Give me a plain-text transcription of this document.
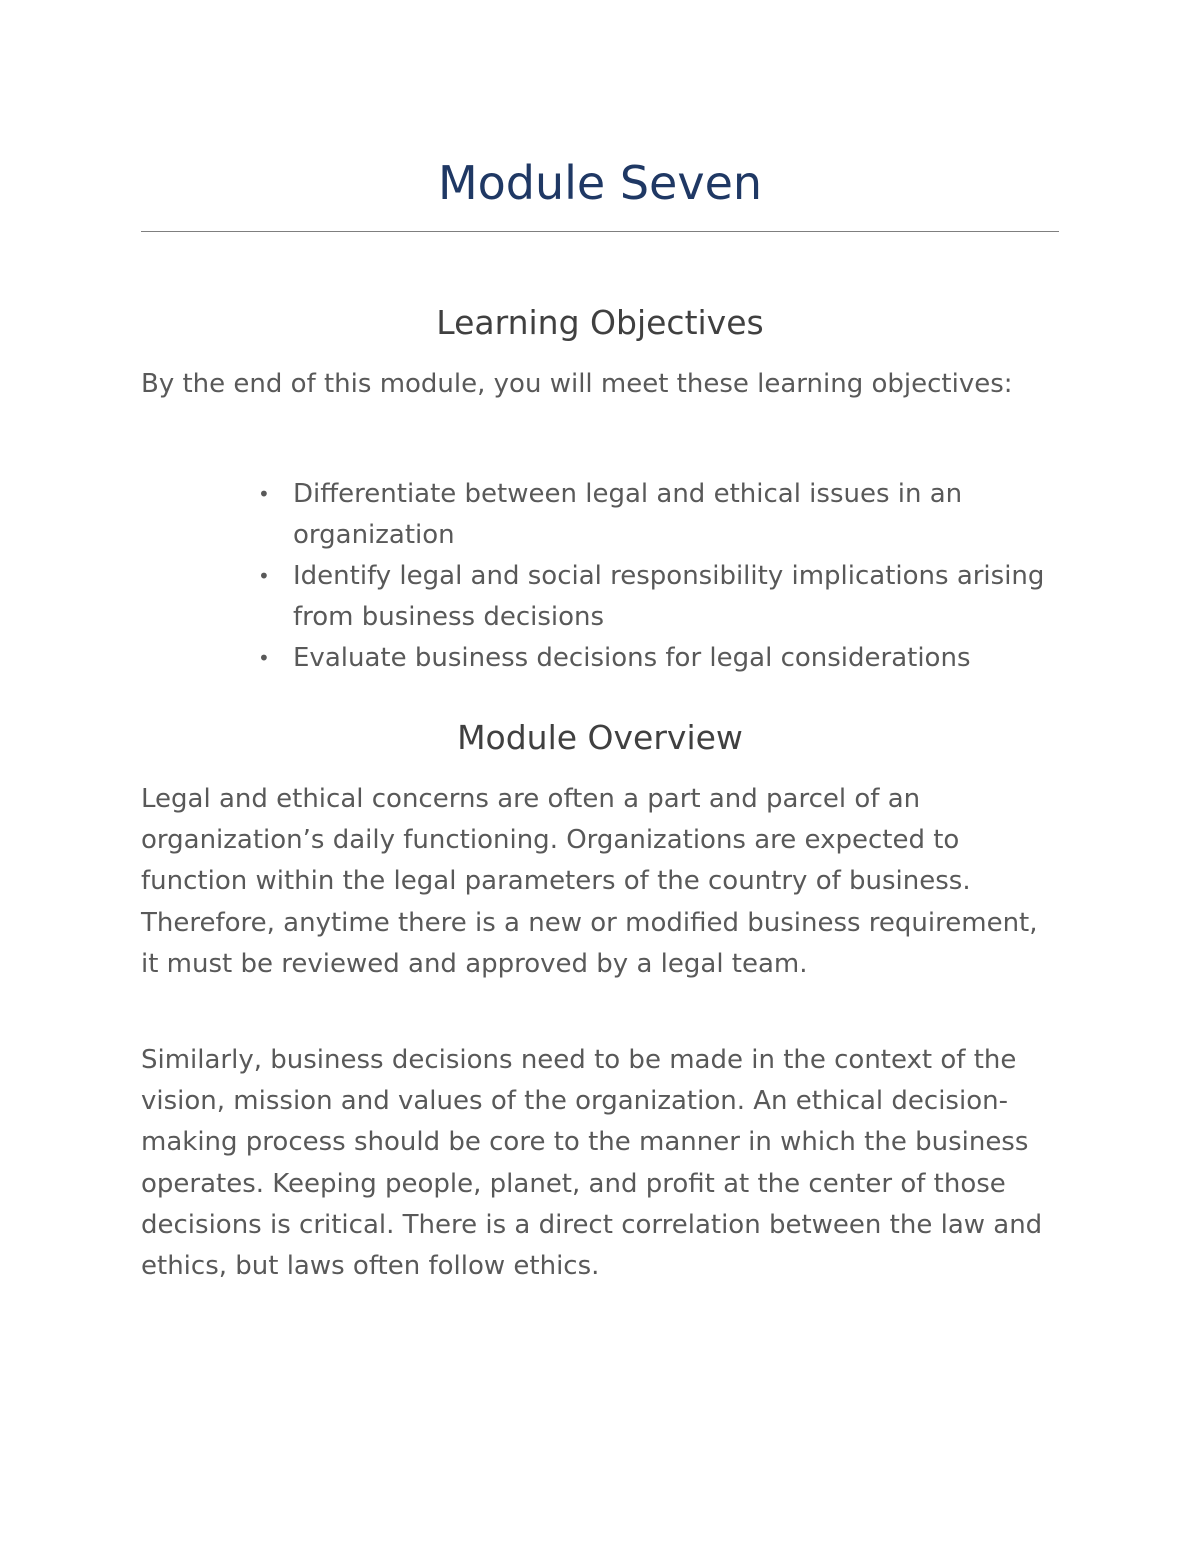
Module Seven
Learning Objectives

By the end of this module, you will meet these learning objectives:

• Differentiate between legal and ethical issues in an organization
• Identify legal and social responsibility implications arising from business decisions
• Evaluate business decisions for legal considerations
Module Overview

Legal and ethical concerns are often a part and parcel of an organization’s daily functioning. Organizations are expected to function within the legal parameters of the country of business. Therefore, anytime there is a new or modified business requirement, it must be reviewed and approved by a legal team.

Similarly, business decisions need to be made in the context of the vision, mission and values of the organization. An ethical decision-making process should be core to the manner in which the business operates. Keeping people, planet, and profit at the center of those decisions is critical. There is a direct correlation between the law and ethics, but laws often follow ethics.
